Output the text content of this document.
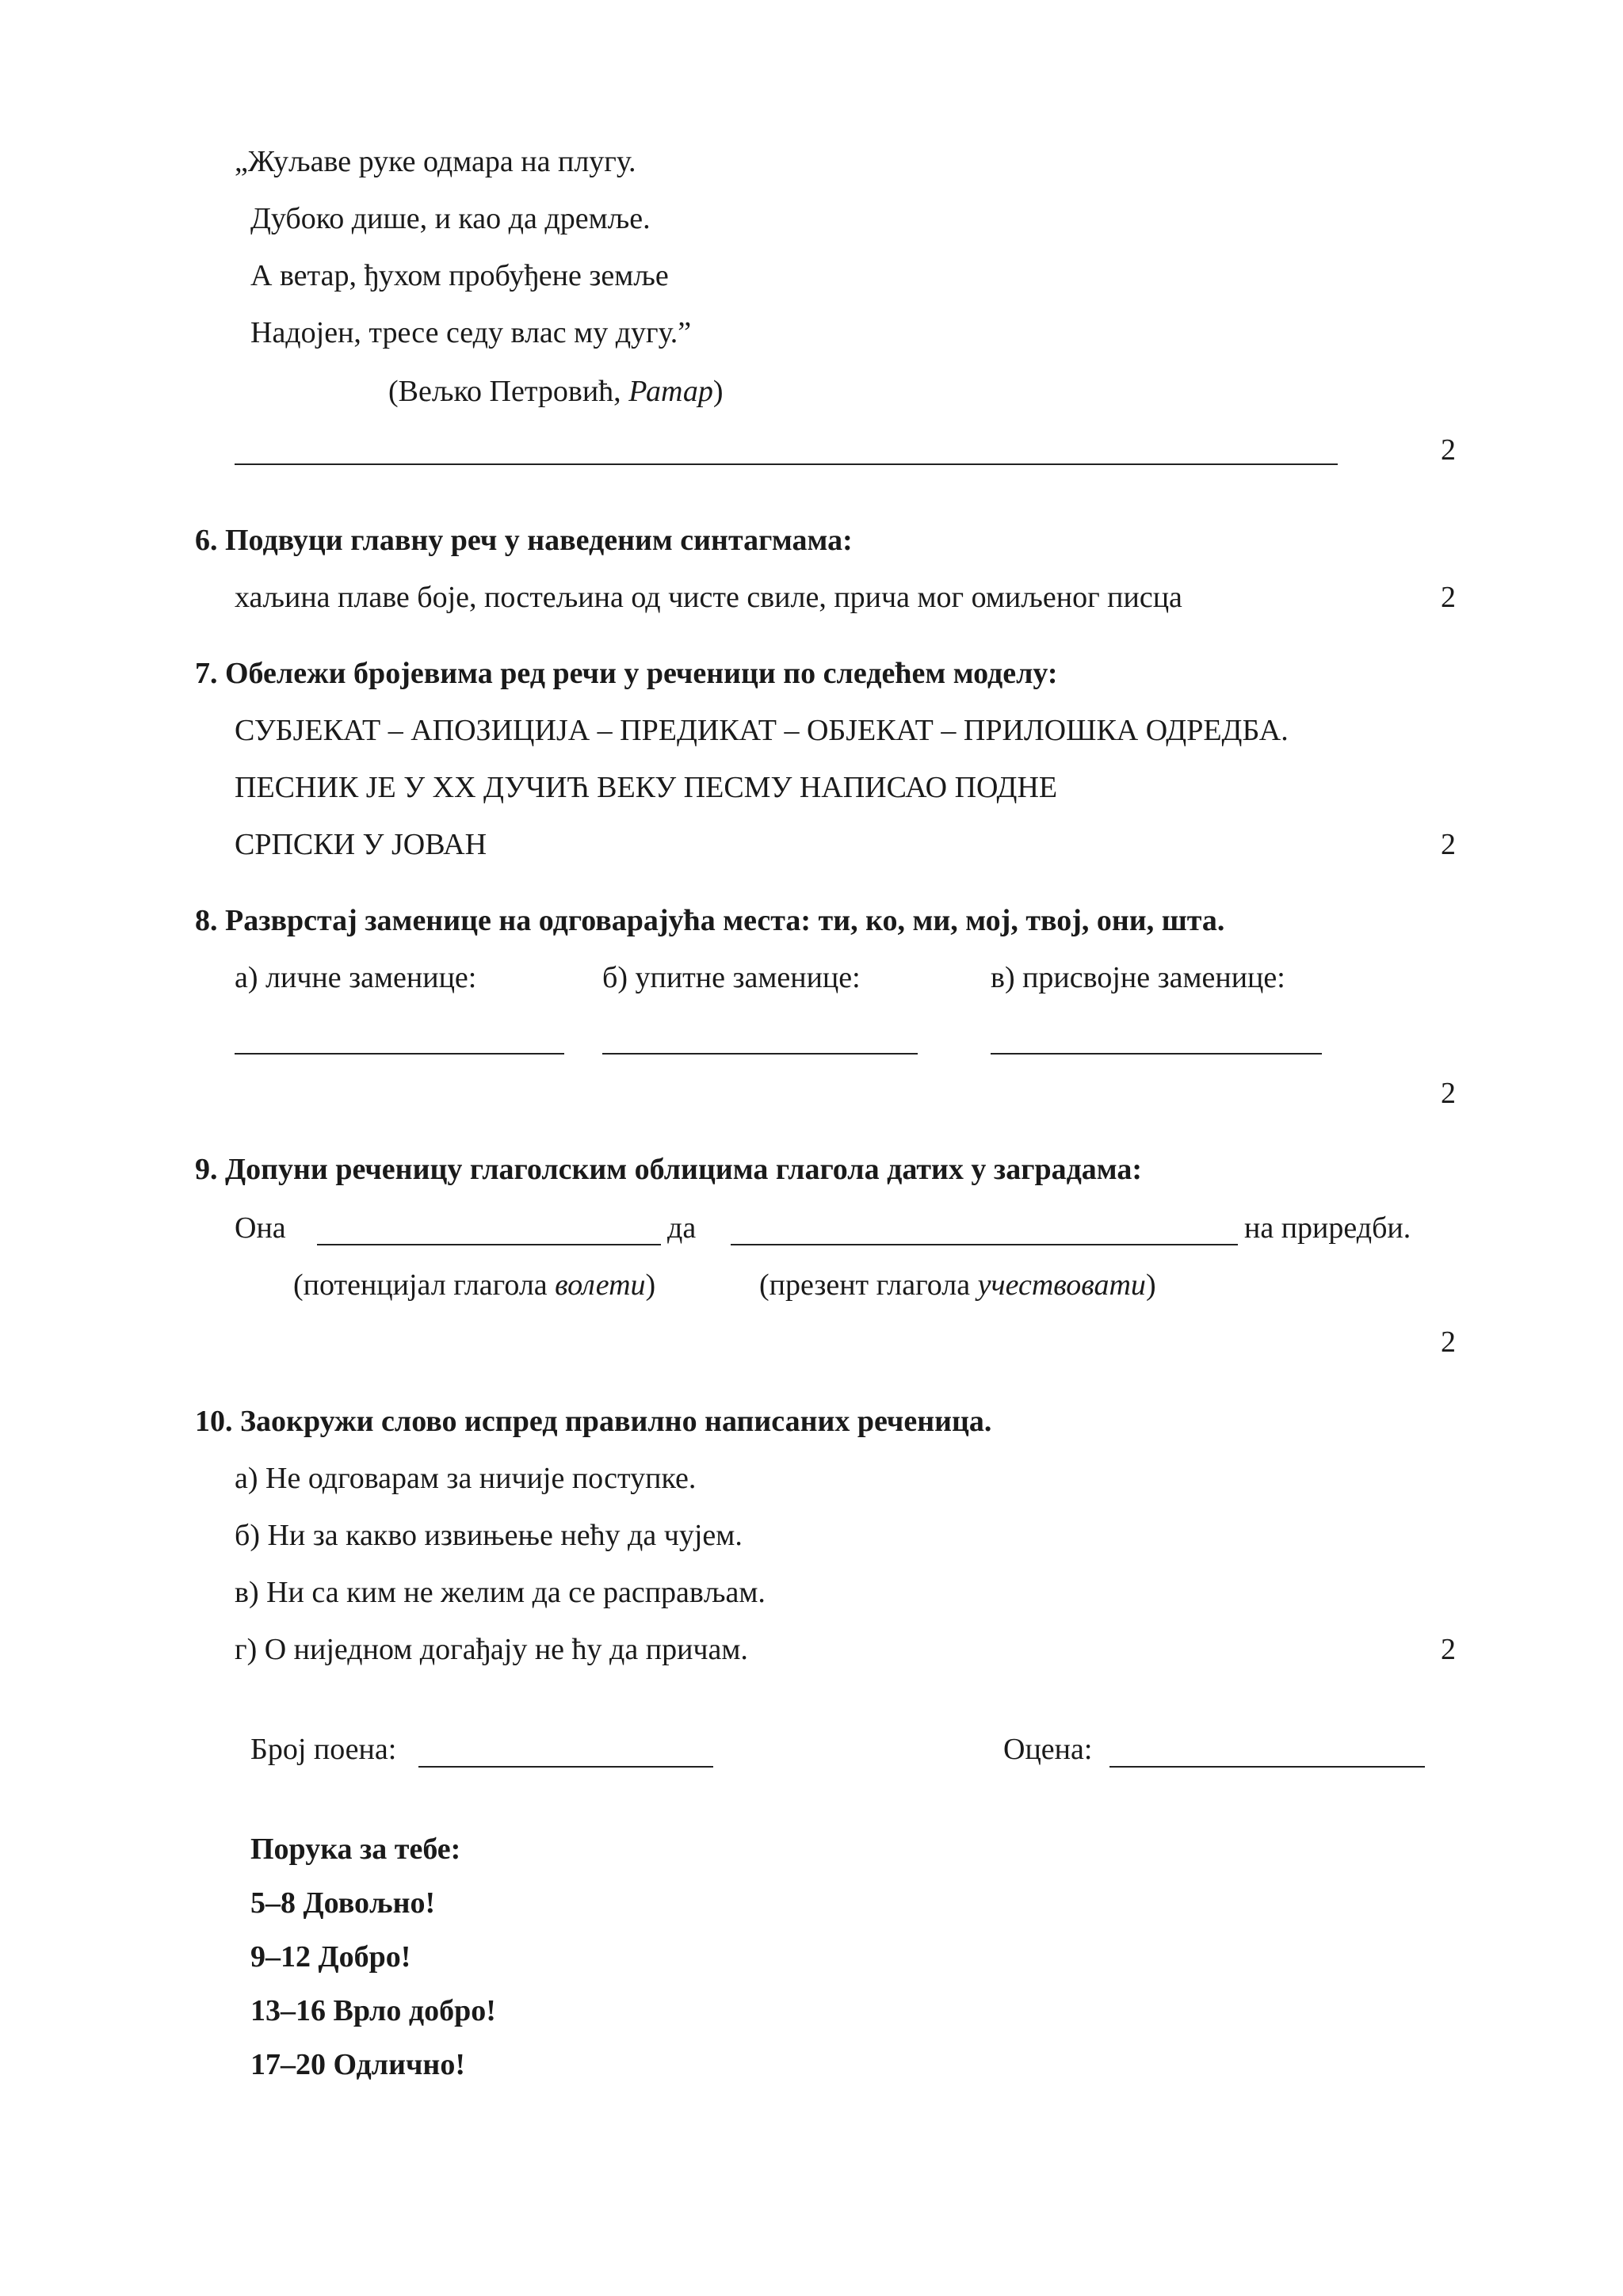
„Жуљаве руке одмара на плугу.
Дубоко дише, и као да дремље.
А ветар, ђухом пробуђене земље
Надојен, тресе седу влас му дугу.”
(Вељко Петровић, Ратар)
2
6. Подвуци главну реч у наведеним синтагмама:
хаљина плаве боје, постељина од чисте свиле, прича мог омиљеног писца	2
7. Обележи бројевима ред речи у реченици по следећем моделу:
СУБЈЕКАТ – АПОЗИЦИЈА – ПРЕДИКАТ – ОБЈЕКАТ – ПРИЛОШКА ОДРЕДБА.
ПЕСНИК ЈЕ У XX ДУЧИЋ ВЕКУ ПЕСМУ НАПИСАО ПОДНЕ
СРПСКИ У ЈОВАН	2
8. Разврстај заменице на одговарајућа места: ти, ко, ми, мој, твој, они, шта.
а) личне заменице:	б) упитне заменице:	в) присвојне заменице:
2
9. Допуни реченицу глаголским облицима глагола датих у заградама:
Она	да	на приредби.
(потенцијал глагола волети)	(презент глагола учествовати)
2
10. Заокружи слово испред правилно написаних реченица.
а) Не одговарам за ничије поступке.
б) Ни за какво извињење нећу да чујем.
в) Ни са ким не желим да се расправљам.
г) О ниједном догађају не ћу да причам.	2
Број поена:	Оцена:
Порука за тебе:
5–8 Довољно!
9–12 Добро!
13–16 Врло добро!
17–20 Одлично!
